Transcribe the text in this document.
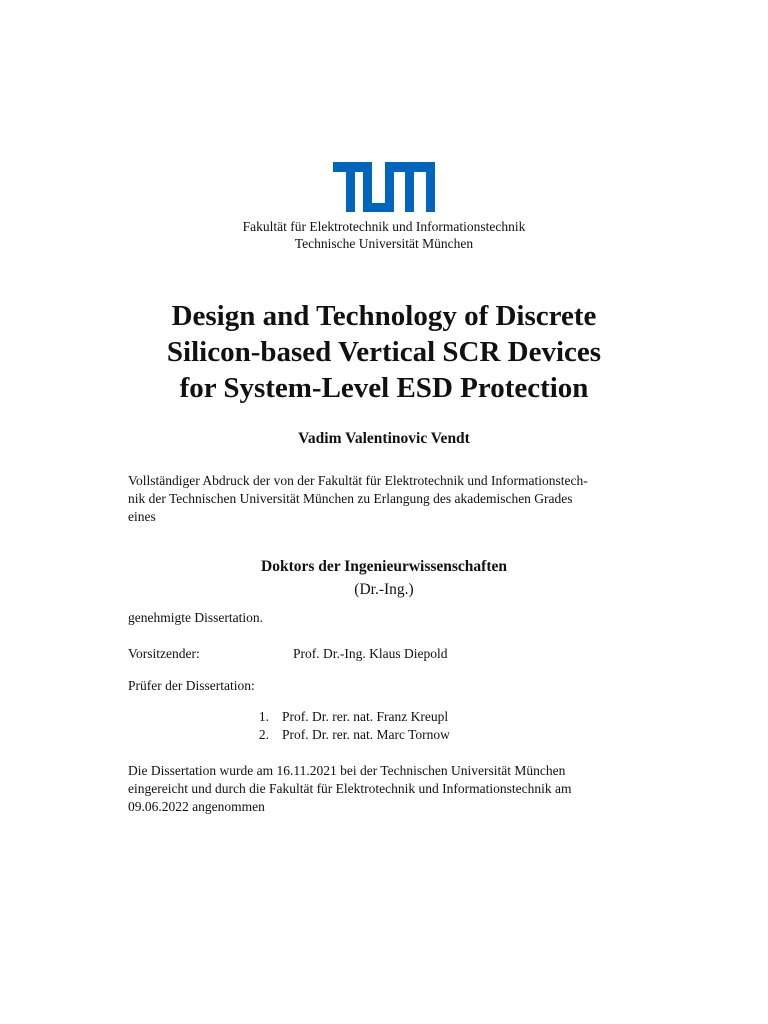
Fakultät für Elektrotechnik und Informationstechnik
Technische Universität München
Design and Technology of Discrete
Silicon-based Vertical SCR Devices
for System-Level ESD Protection
Vadim Valentinovic Vendt
Vollständiger Abdruck der von der Fakultät für Elektrotechnik und Informationstech-
nik der Technischen Universität München zu Erlangung des akademischen Grades
eines
Doktors der Ingenieurwissenschaften
(Dr.-Ing.)
genehmigte Dissertation.
Vorsitzender:	Prof. Dr.-Ing. Klaus Diepold
Prüfer der Dissertation:
1. Prof. Dr. rer. nat. Franz Kreupl
2. Prof. Dr. rer. nat. Marc Tornow
Die Dissertation wurde am 16.11.2021 bei der Technischen Universität München
eingereicht und durch die Fakultät für Elektrotechnik und Informationstechnik am
09.06.2022 angenommen
